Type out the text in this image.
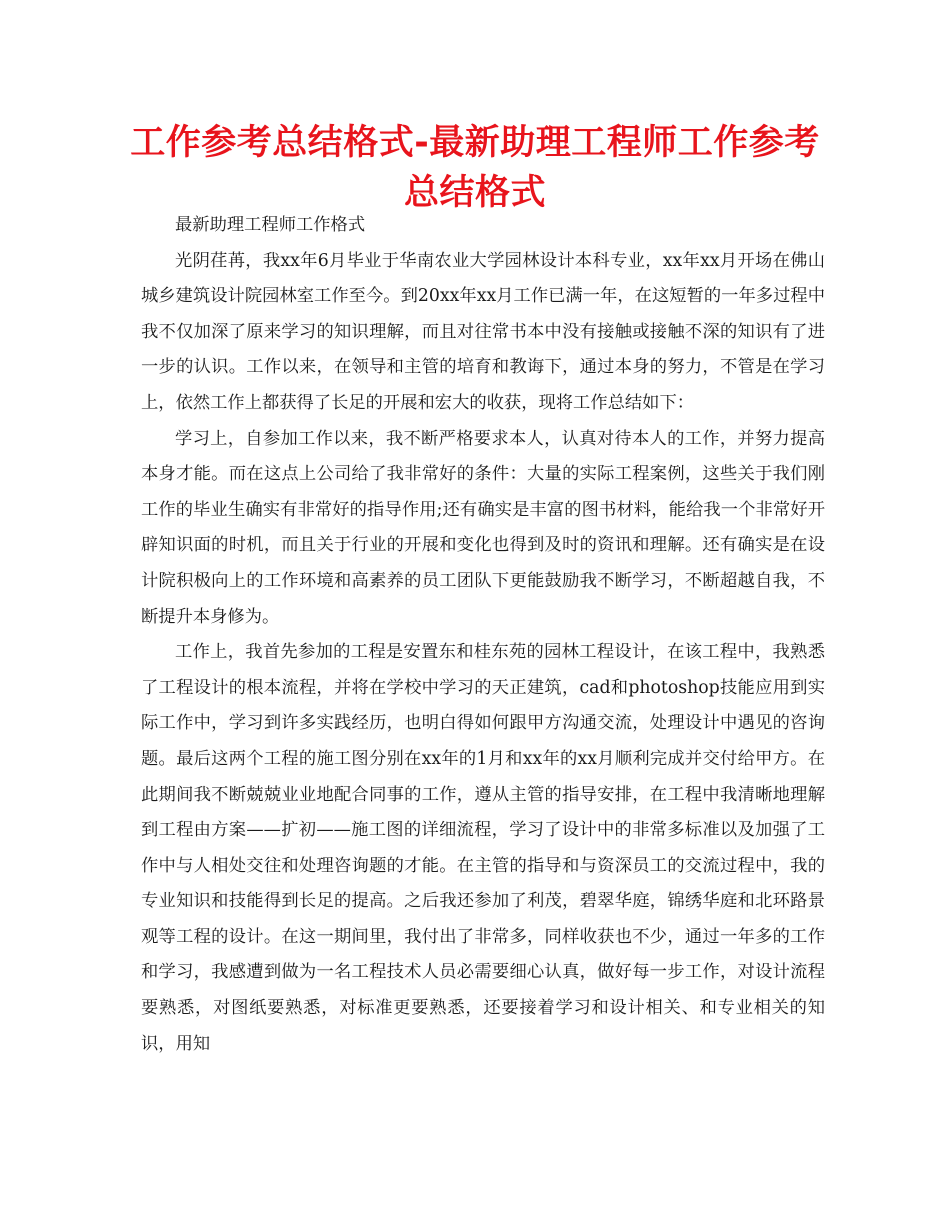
工作参考总结格式-最新助理工程师工作参考总结格式

最新助理工程师工作格式

光阴荏苒，我xx年6月毕业于华南农业大学园林设计本科专业，xx年xx月开场在佛山城乡建筑设计院园林室工作至今。到20xx年xx月工作已满一年，在这短暂的一年多过程中我不仅加深了原来学习的知识理解，而且对往常书本中没有接触或接触不深的知识有了进一步的认识。工作以来，在领导和主管的培育和教诲下，通过本身的努力，不管是在学习上，依然工作上都获得了长足的开展和宏大的收获，现将工作总结如下：

学习上，自参加工作以来，我不断严格要求本人，认真对待本人的工作，并努力提高本身才能。而在这点上公司给了我非常好的条件：大量的实际工程案例，这些关于我们刚工作的毕业生确实有非常好的指导作用;还有确实是丰富的图书材料，能给我一个非常好开辟知识面的时机，而且关于行业的开展和变化也得到及时的资讯和理解。还有确实是在设计院积极向上的工作环境和高素养的员工团队下更能鼓励我不断学习，不断超越自我，不断提升本身修为。

工作上，我首先参加的工程是安置东和桂东苑的园林工程设计，在该工程中，我熟悉了工程设计的根本流程，并将在学校中学习的天正建筑，cad和photoshop技能应用到实际工作中，学习到许多实践经历，也明白得如何跟甲方沟通交流，处理设计中遇见的咨询题。最后这两个工程的施工图分别在xx年的1月和xx年的xx月顺利完成并交付给甲方。在此期间我不断兢兢业业地配合同事的工作，遵从主管的指导安排，在工程中我清晰地理解到工程由方案——扩初——施工图的详细流程，学习了设计中的非常多标准以及加强了工作中与人相处交往和处理咨询题的才能。在主管的指导和与资深员工的交流过程中，我的专业知识和技能得到长足的提高。之后我还参加了利茂，碧翠华庭，锦绣华庭和北环路景观等工程的设计。在这一期间里，我付出了非常多，同样收获也不少，通过一年多的工作和学习，我感遭到做为一名工程技术人员必需要细心认真，做好每一步工作，对设计流程要熟悉，对图纸要熟悉，对标准更要熟悉，还要接着学习和设计相关、和专业相关的知识，用知
